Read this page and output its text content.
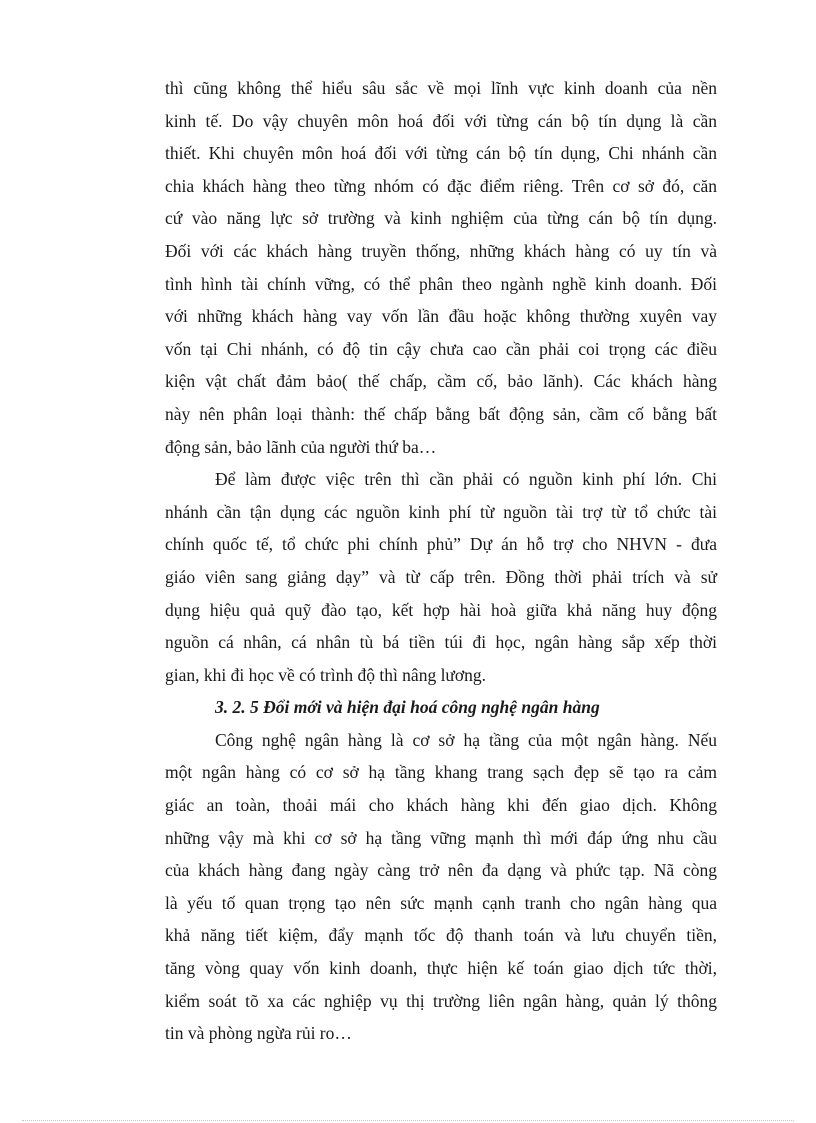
thì cũng không thể hiểu sâu sắc về mọi lĩnh vực kinh doanh của nền
kinh tế. Do vậy chuyên môn hoá đối với từng cán bộ tín dụng là cần
thiết. Khi chuyên môn hoá đối với từng cán bộ tín dụng, Chi nhánh cần
chia khách hàng theo từng nhóm có đặc điểm riêng. Trên cơ sở đó, căn
cứ vào năng lực sở trường và kinh nghiệm của từng cán bộ tín dụng.
Đối với các khách hàng truyền thống, những khách hàng có uy tín và
tình hình tài chính vững, có thể phân theo ngành nghề kinh doanh. Đối
với những khách hàng vay vốn lần đầu hoặc không thường xuyên vay
vốn tại Chi nhánh, có độ tin cậy chưa cao cần phải coi trọng các điều
kiện vật chất đảm bảo( thế chấp, cầm cố, bảo lãnh). Các khách hàng
này nên phân loại thành: thế chấp bằng bất động sản, cầm cố bằng bất
động sản, bảo lãnh của người thứ ba…
Để làm được việc trên thì cần phải có nguồn kinh phí lớn. Chi
nhánh cần tận dụng các nguồn kinh phí từ nguồn tài trợ từ tổ chức tài
chính quốc tế, tổ chức phi chính phủ” Dự án hỗ trợ cho NHVN - đưa
giáo viên sang giảng dạy” và từ cấp trên. Đồng thời phải trích và sử
dụng hiệu quả quỹ đào tạo, kết hợp hài hoà giữa khả năng huy động
nguồn cá nhân, cá nhân tù bá tiền túi đi học, ngân hàng sắp xếp thời
gian, khi đi học về có trình độ thì nâng lương.
3. 2. 5 Đổi mới và hiện đại hoá công nghệ ngân hàng
Công nghệ ngân hàng là cơ sở hạ tầng của một ngân hàng. Nếu
một ngân hàng có cơ sở hạ tầng khang trang sạch đẹp sẽ tạo ra cảm
giác an toàn, thoải mái cho khách hàng khi đến giao dịch. Không
những vậy mà khi cơ sở hạ tầng vững mạnh thì mới đáp ứng nhu cầu
của khách hàng đang ngày càng trở nên đa dạng và phức tạp. Nã còng
là yếu tố quan trọng tạo nên sức mạnh cạnh tranh cho ngân hàng qua
khả năng tiết kiệm, đẩy mạnh tốc độ thanh toán và lưu chuyển tiền,
tăng vòng quay vốn kinh doanh, thực hiện kế toán giao dịch tức thời,
kiểm soát tõ xa các nghiệp vụ thị trường liên ngân hàng, quản lý thông
tin và phòng ngừa rủi ro…
